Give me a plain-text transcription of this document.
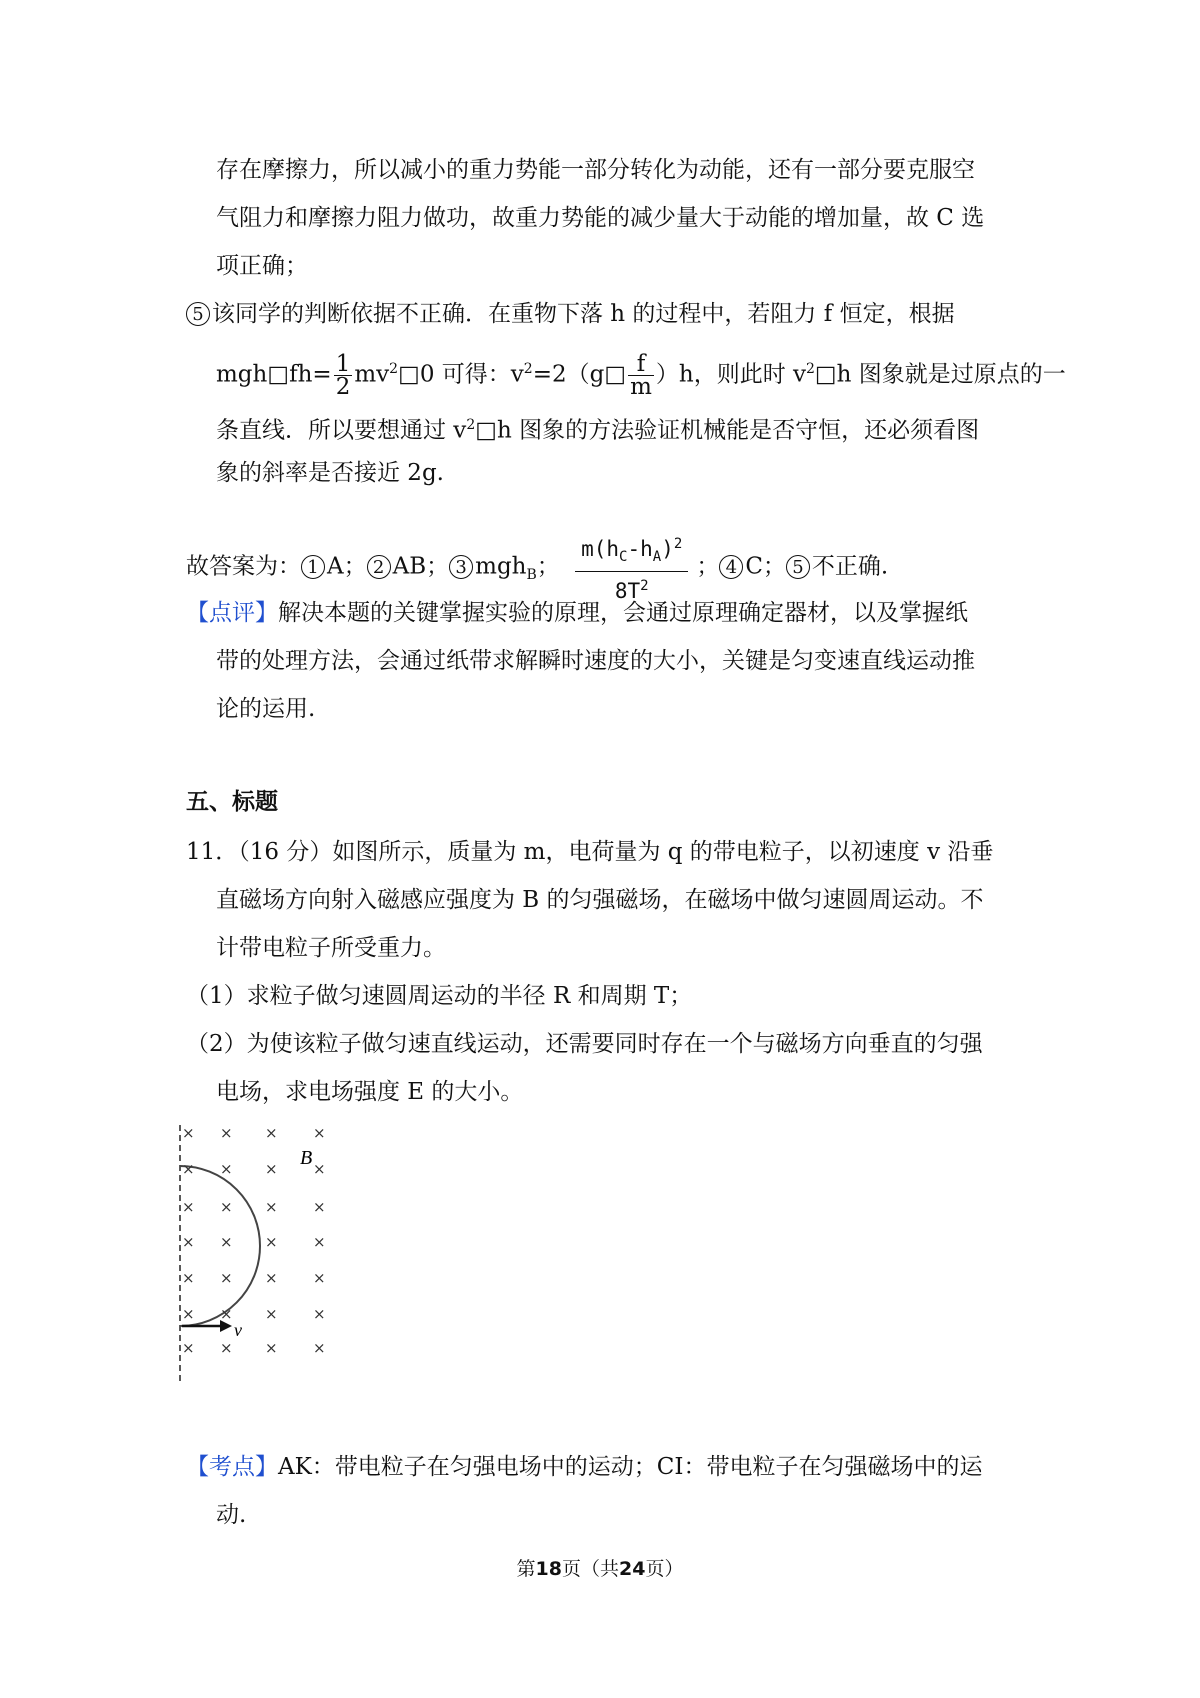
存在摩擦力，所以减小的重力势能一部分转化为动能，还有一部分要克服空
气阻力和摩擦力阻力做功，故重力势能的减少量大于动能的增加量，故 C 选
项正确；
5 该同学的判断依据不正确．在重物下落 h 的过程中，若阻力 f 恒定，根据
mgh□fh= $\frac{1}{2}$ $mv^2□0$ 可得：$v^2=2(g□ \frac{f}{m} )h$，则此时 $v^2□h$ 图象就是过原点的一
条直线．所以要想通过 $v^2□h$ 图象的方法验证机械能是否守恒，还必须看图
象的斜率是否接近 2g.
故答案为： 1 A； 2 AB； 3 mgh$_B$； $\frac{m(h_C-h_A)^2}{8T^2}$ ； 4 C； 5 不正确.
【点评】解决本题的关键掌握实验的原理，会通过原理确定器材，以及掌握纸
带的处理方法，会通过纸带求解瞬时速度的大小，关键是匀变速直线运动推
论的运用.
五、标题
11．（16 分）如图所示，质量为 m，电荷量为 q 的带电粒子，以初速度 v 沿垂
直磁场方向射入磁感应强度为 B 的匀强磁场，在磁场中做匀速圆周运动。不
计带电粒子所受重力。
（1）求粒子做匀速圆周运动的半径 R 和周期 T；
（2）为使该粒子做匀速直线运动，还需要同时存在一个与磁场方向垂直的匀强
电场，求电场强度 E 的大小。
v
B
× × × ×
× × ×
× × × ×
× × × ×
× × × ×
× × × ×
× × × ×
×
【考点】AK：带电粒子在匀强电场中的运动；CI：带电粒子在匀强磁场中的运
动.
第18页（共24页）
